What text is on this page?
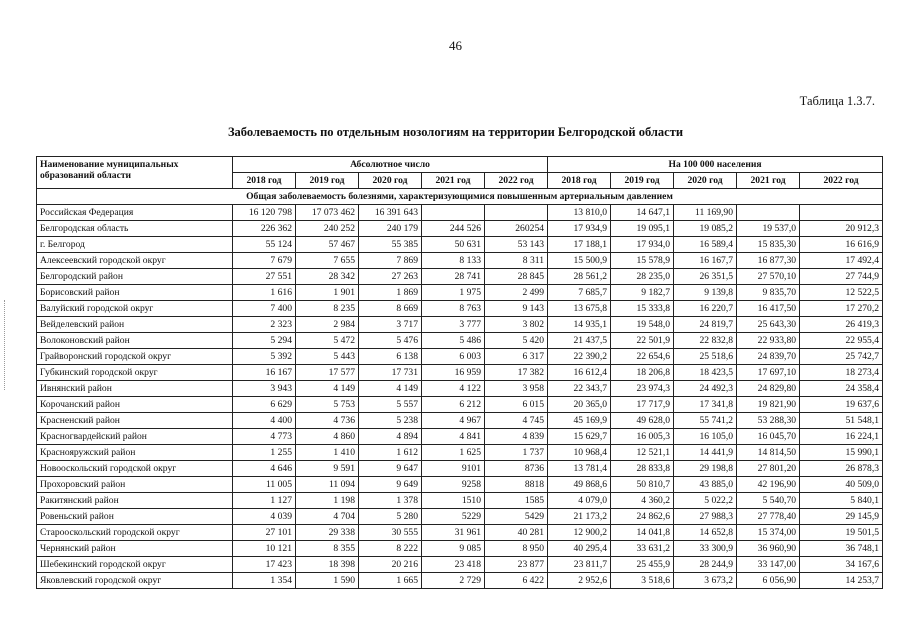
46
Таблица 1.3.7.
Заболеваемость по отдельным нозологиям на территории Белгородской области
Наименование муниципальных образований области	Абсолютное число					На 100 000 населения				
	2018 год	2019 год	2020 год	2021 год	2022 год	2018 год	2019 год	2020 год	2021 год	2022 год
Общая заболеваемость болезнями, характеризующимися повышенным артериальным давлением										
Российская Федерация	16 120 798	17 073 462	16 391 643			13 810,0	14 647,1	11 169,90		
Белгородская область	226 362	240 252	240 179	244 526	260254	17 934,9	19 095,1	19 085,2	19 537,0	20 912,3
г. Белгород	55 124	57 467	55 385	50 631	53 143	17 188,1	17 934,0	16 589,4	15 835,30	16 616,9
Алексеевский городской округ	7 679	7 655	7 869	8 133	8 311	15 500,9	15 578,9	16 167,7	16 877,30	17 492,4
Белгородский район	27 551	28 342	27 263	28 741	28 845	28 561,2	28 235,0	26 351,5	27 570,10	27 744,9
Борисовский район	1 616	1 901	1 869	1 975	2 499	7 685,7	9 182,7	9 139,8	9 835,70	12 522,5
Валуйский городской округ	7 400	8 235	8 669	8 763	9 143	13 675,8	15 333,8	16 220,7	16 417,50	17 270,2
Вейделевский район	2 323	2 984	3 717	3 777	3 802	14 935,1	19 548,0	24 819,7	25 643,30	26 419,3
Волоконовский район	5 294	5 472	5 476	5 486	5 420	21 437,5	22 501,9	22 832,8	22 933,80	22 955,4
Грайворонский городской округ	5 392	5 443	6 138	6 003	6 317	22 390,2	22 654,6	25 518,6	24 839,70	25 742,7
Губкинский городской округ	16 167	17 577	17 731	16 959	17 382	16 612,4	18 206,8	18 423,5	17 697,10	18 273,4
Ивнянский район	3 943	4 149	4 149	4 122	3 958	22 343,7	23 974,3	24 492,3	24 829,80	24 358,4
Корочанский район	6 629	5 753	5 557	6 212	6 015	20 365,0	17 717,9	17 341,8	19 821,90	19 637,6
Красненский район	4 400	4 736	5 238	4 967	4 745	45 169,9	49 628,0	55 741,2	53 288,30	51 548,1
Красногвардейский район	4 773	4 860	4 894	4 841	4 839	15 629,7	16 005,3	16 105,0	16 045,70	16 224,1
Краснояружский район	1 255	1 410	1 612	1 625	1 737	10 968,4	12 521,1	14 441,9	14 814,50	15 990,1
Новооскольский городской округ	4 646	9 591	9 647	9101	8736	13 781,4	28 833,8	29 198,8	27 801,20	26 878,3
Прохоровский район	11 005	11 094	9 649	9258	8818	49 868,6	50 810,7	43 885,0	42 196,90	40 509,0
Ракитянский район	1 127	1 198	1 378	1510	1585	4 079,0	4 360,2	5 022,2	5 540,70	5 840,1
Ровеньский район	4 039	4 704	5 280	5229	5429	21 173,2	24 862,6	27 988,3	27 778,40	29 145,9
Старооскольский городской округ	27 101	29 338	30 555	31 961	40 281	12 900,2	14 041,8	14 652,8	15 374,00	19 501,5
Чернянский район	10 121	8 355	8 222	9 085	8 950	40 295,4	33 631,2	33 300,9	36 960,90	36 748,1
Шебекинский городской округ	17 423	18 398	20 216	23 418	23 877	23 811,7	25 455,9	28 244,9	33 147,00	34 167,6
Яковлевский городской округ	1 354	1 590	1 665	2 729	6 422	2 952,6	3 518,6	3 673,2	6 056,90	14 253,7
